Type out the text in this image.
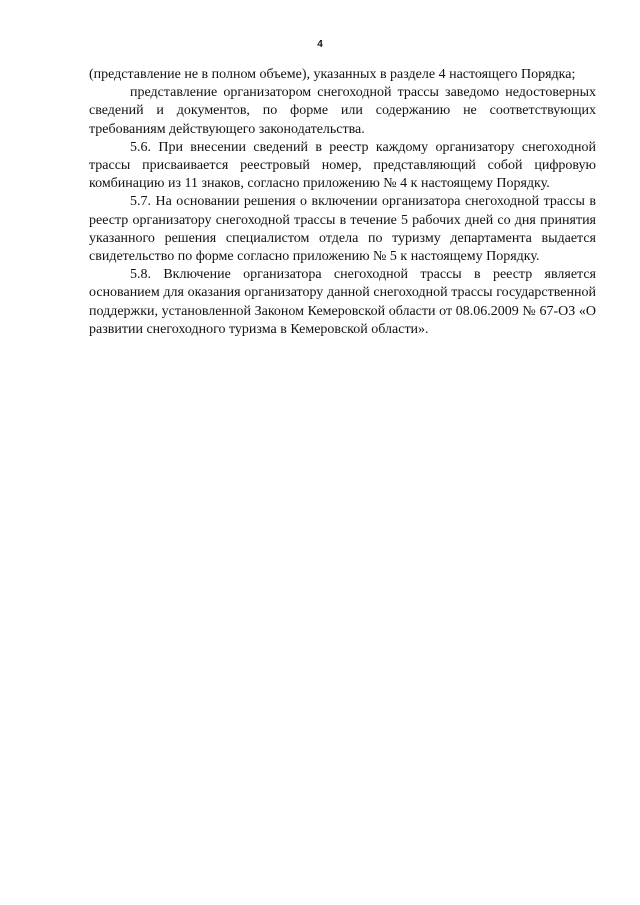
4

(представление не в полном объеме), указанных в разделе 4 настоящего Порядка;

представление организатором снегоходной трассы заведомо недостоверных сведений и документов, по форме или содержанию не соответствующих требованиям действующего законодательства.

5.6. При внесении сведений в реестр каждому организатору снегоходной трассы присваивается реестровый номер, представляющий собой цифровую комбинацию из 11 знаков, согласно приложению № 4 к настоящему Порядку.

5.7. На основании решения о включении организатора снегоходной трассы в реестр организатору снегоходной трассы в течение 5 рабочих дней со дня принятия указанного решения специалистом отдела по туризму департамента выдается свидетельство по форме согласно приложению № 5 к настоящему Порядку.

5.8. Включение организатора снегоходной трассы в реестр является основанием для оказания организатору данной снегоходной трассы государственной поддержки, установленной Законом Кемеровской области от 08.06.2009 № 67-ОЗ «О развитии снегоходного туризма в Кемеровской области».
